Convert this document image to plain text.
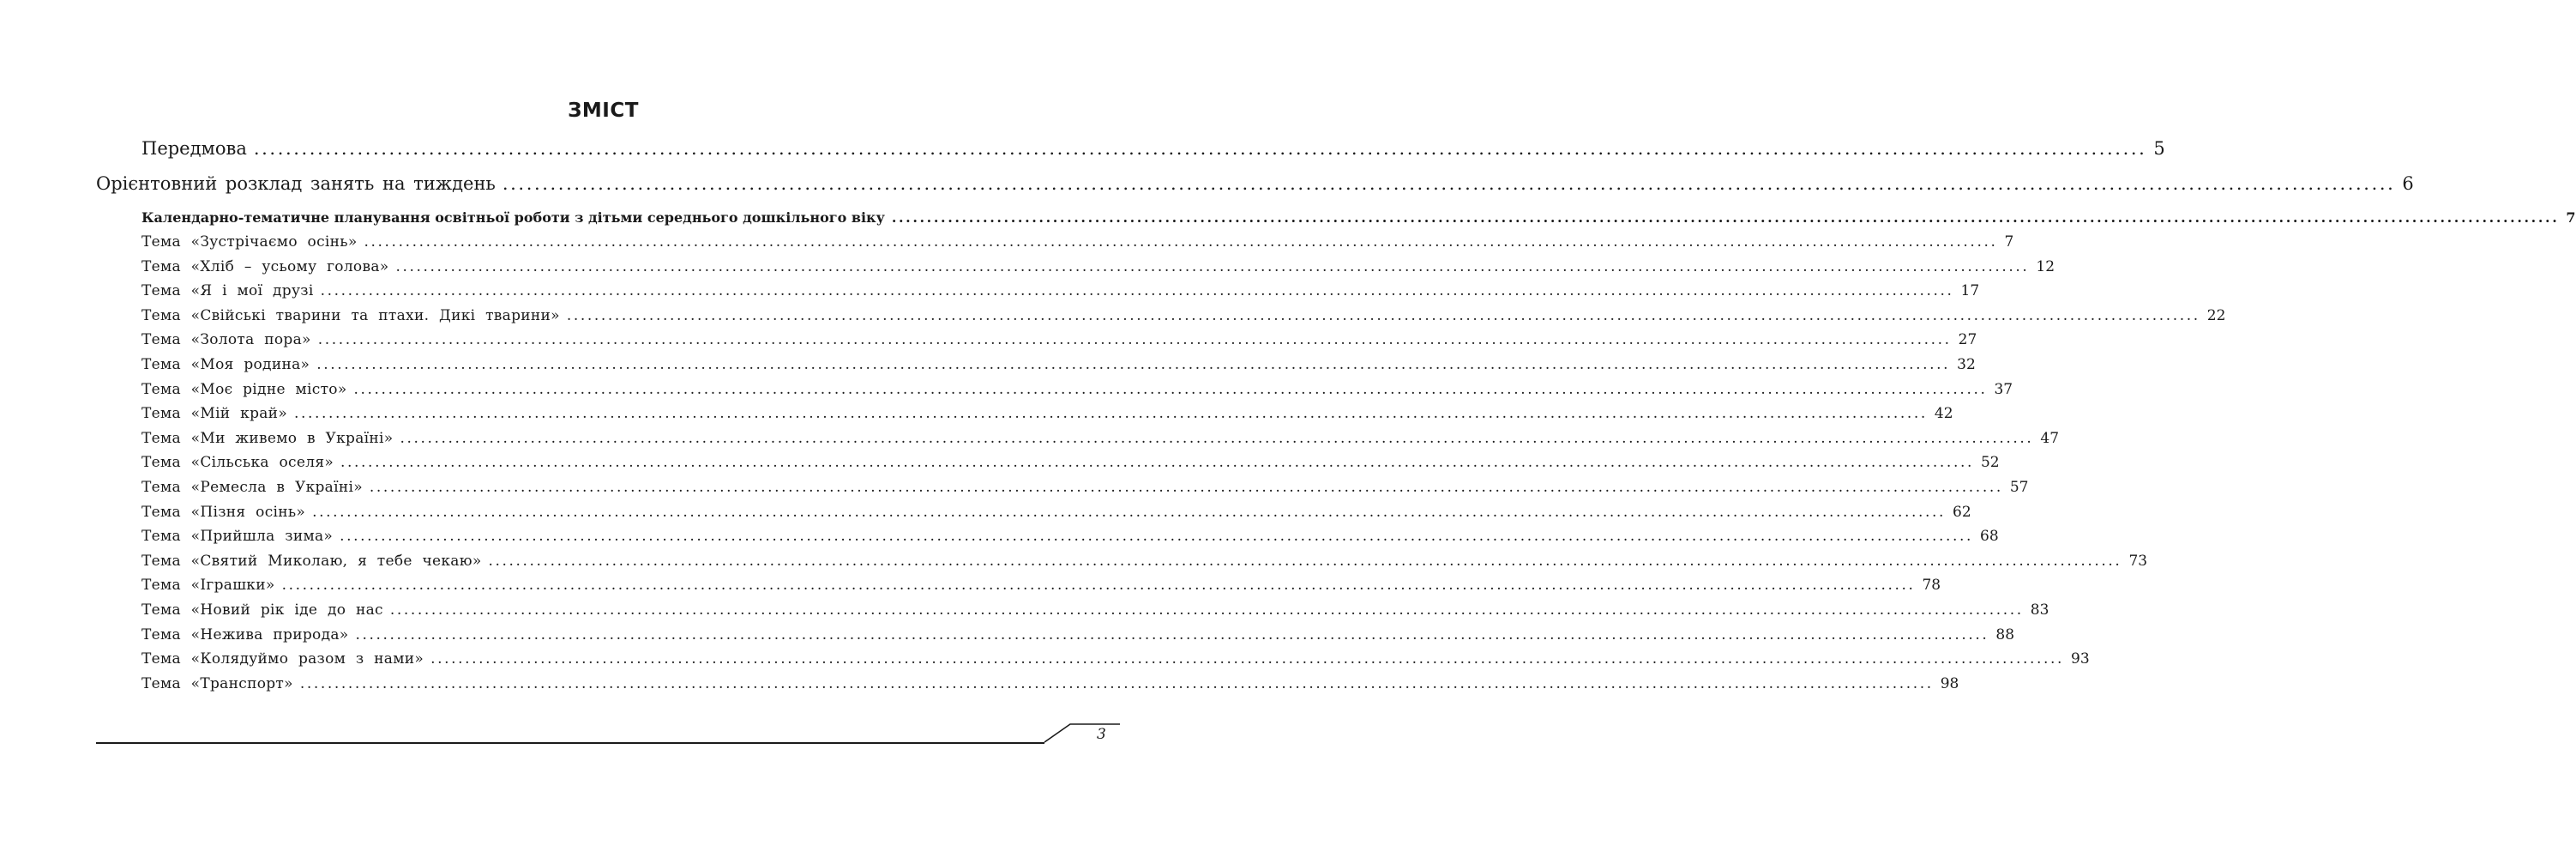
ЗМІСТ
Передмова .............................................................................................................................................................................................................................................. 5
Орієнтовний розклад занять на тиждень .............................................................................................................................................................................................................................................. 6
Календарно-тематичне планування освітньої роботи з дітьми середнього дошкільного віку .............................................................................................................................................................................................................................................. 7
Тема «Зустрічаємо осінь» .............................................................................................................................................................................................................................................. 7
Тема «Хліб – усьому голова» .............................................................................................................................................................................................................................................. 12
Тема «Я і мої друзі .............................................................................................................................................................................................................................................. 17
Тема «Свійські тварини та птахи. Дикі тварини» .............................................................................................................................................................................................................................................. 22
Тема «Золота пора» .............................................................................................................................................................................................................................................. 27
Тема «Моя родина» .............................................................................................................................................................................................................................................. 32
Тема «Моє рідне місто» .............................................................................................................................................................................................................................................. 37
Тема «Мій край» .............................................................................................................................................................................................................................................. 42
Тема «Ми живемо в Україні» .............................................................................................................................................................................................................................................. 47
Тема «Сільська оселя» .............................................................................................................................................................................................................................................. 52
Тема «Ремесла в Україні» .............................................................................................................................................................................................................................................. 57
Тема «Пізня осінь» .............................................................................................................................................................................................................................................. 62
Тема «Прийшла зима» .............................................................................................................................................................................................................................................. 68
Тема «Святий Миколаю, я тебе чекаю» .............................................................................................................................................................................................................................................. 73
Тема «Іграшки» .............................................................................................................................................................................................................................................. 78
Тема «Новий рік іде до нас .............................................................................................................................................................................................................................................. 83
Тема «Нежива природа» .............................................................................................................................................................................................................................................. 88
Тема «Колядуймо разом з нами» .............................................................................................................................................................................................................................................. 93
Тема «Транспорт» .............................................................................................................................................................................................................................................. 98
3
